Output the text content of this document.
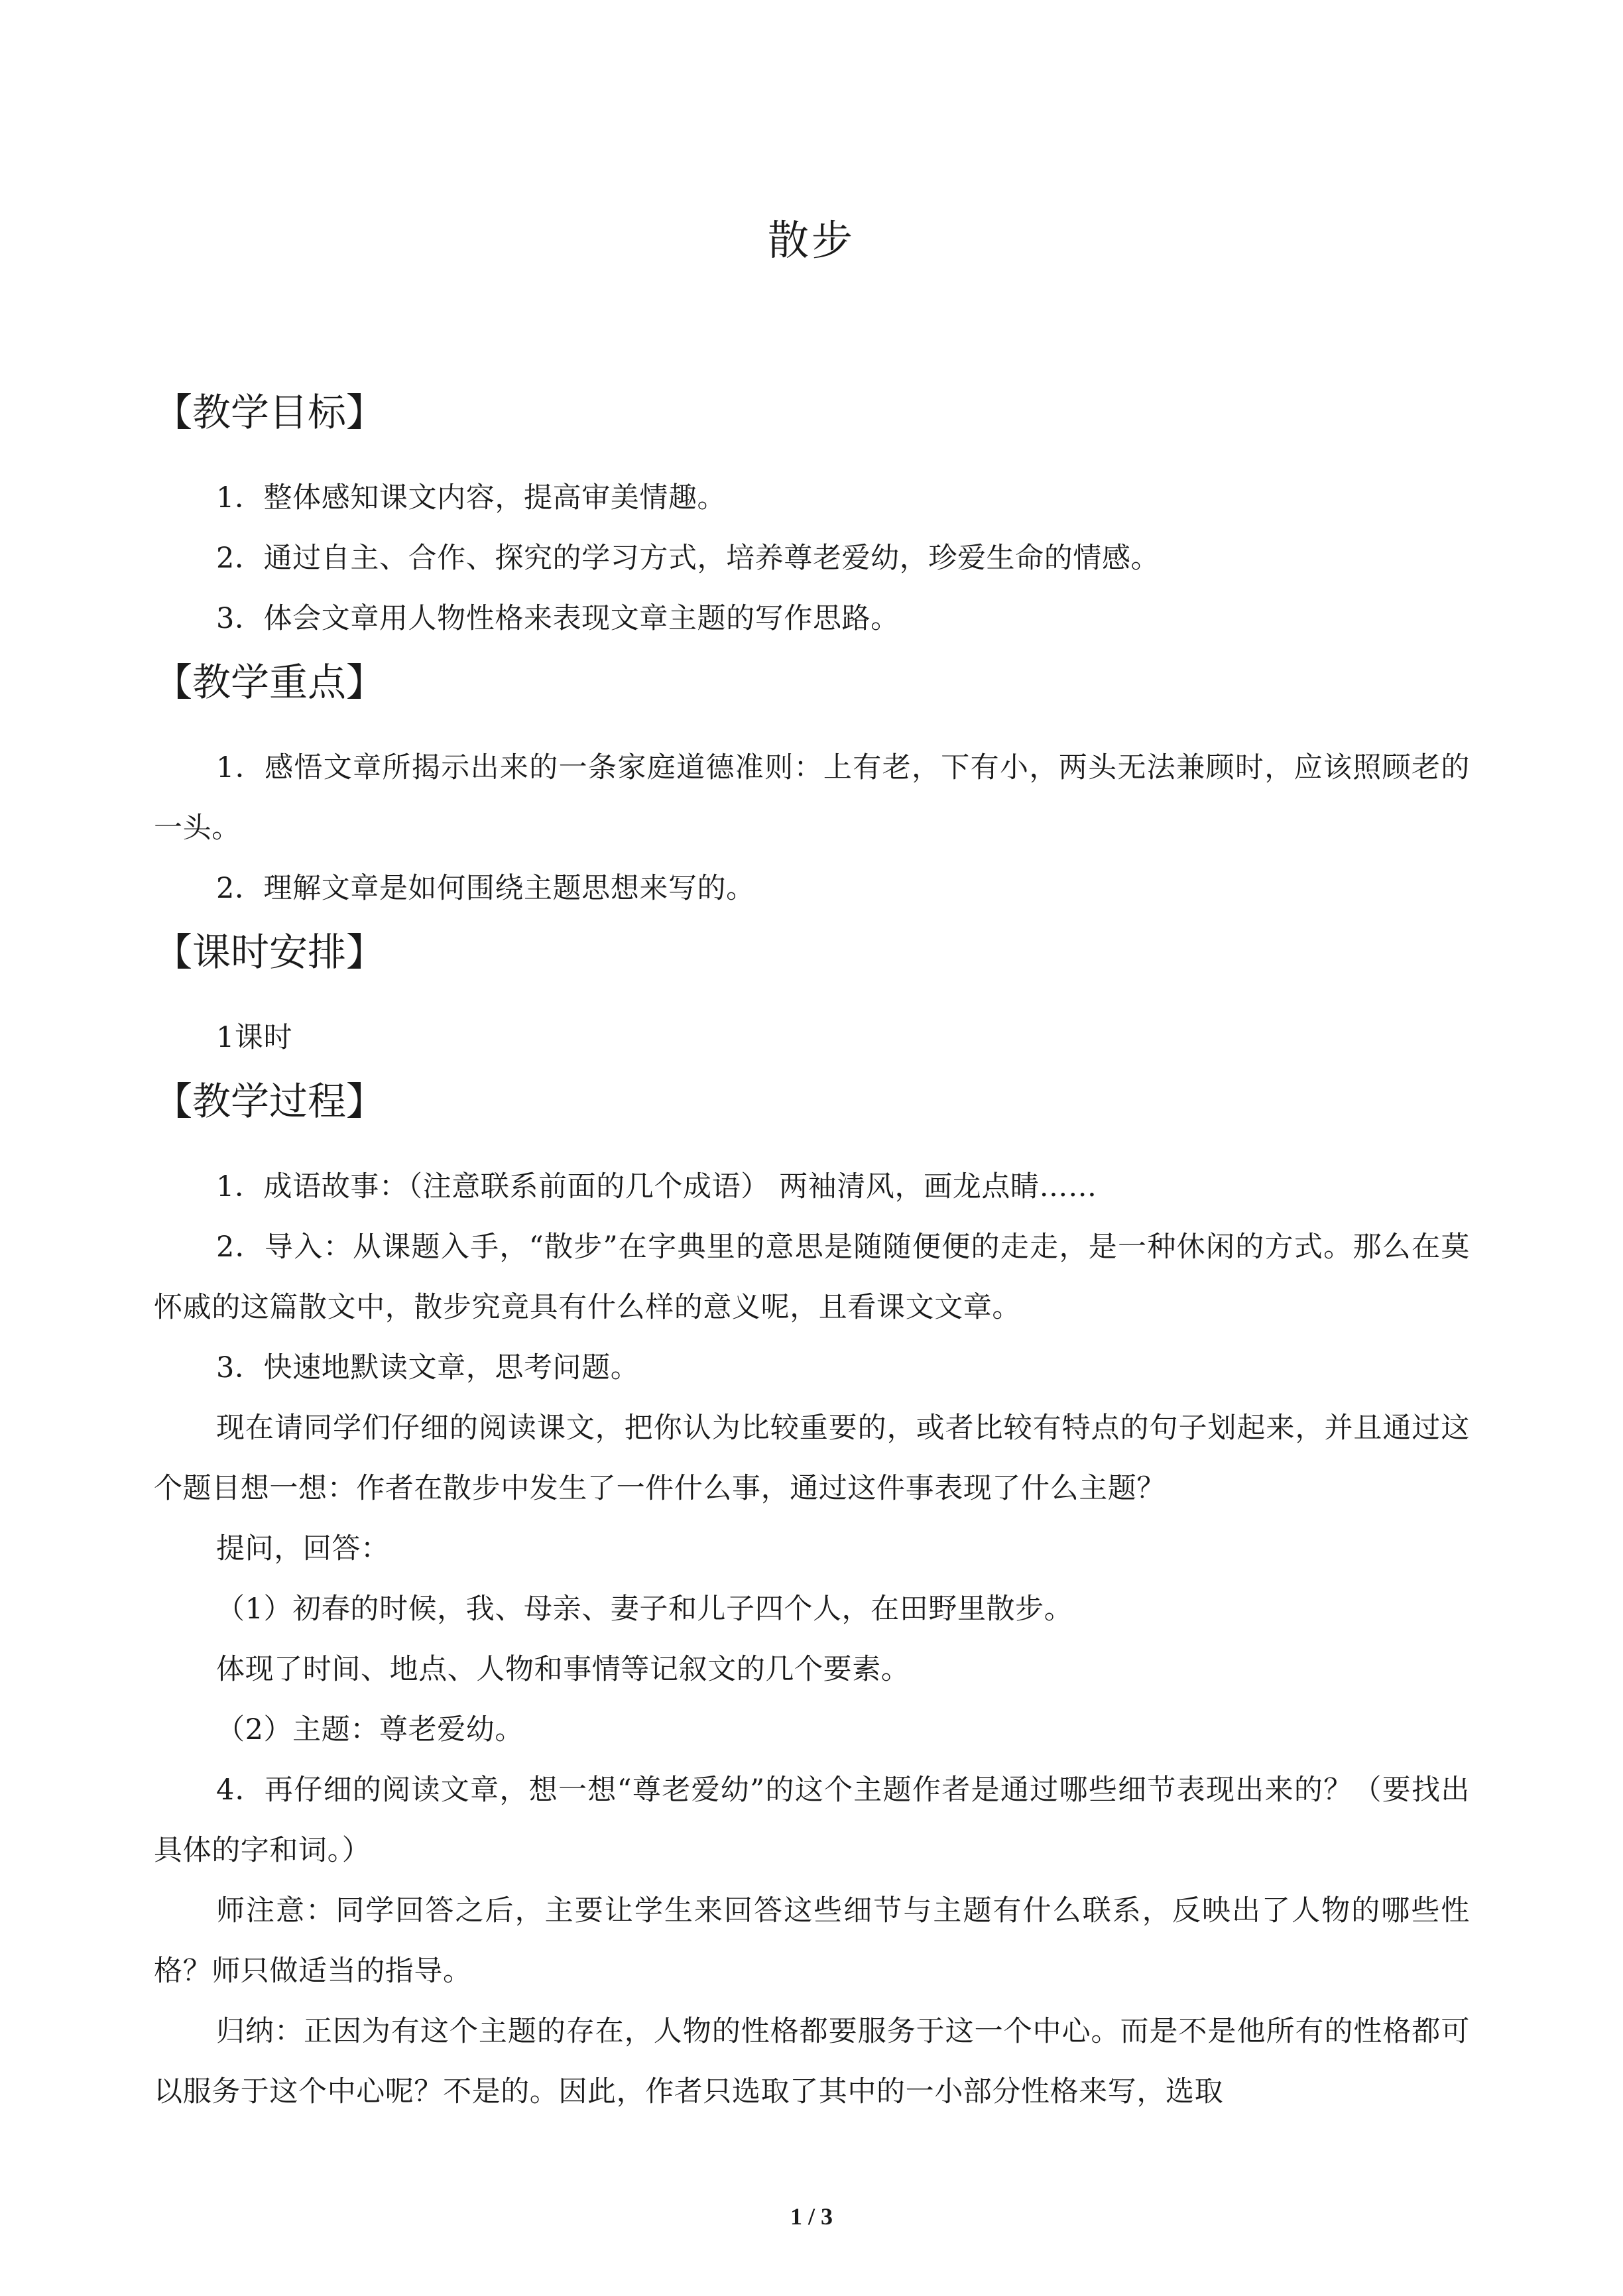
散步
【教学目标】

1．整体感知课文内容，提高审美情趣。

2．通过自主、合作、探究的学习方式，培养尊老爱幼，珍爱生命的情感。

3．体会文章用人物性格来表现文章主题的写作思路。

【教学重点】

1．感悟文章所揭示出来的一条家庭道德准则：上有老，下有小，两头无法兼顾时，应该照顾老的一头。

2．理解文章是如何围绕主题思想来写的。

【课时安排】

1课时

【教学过程】

1．成语故事：（注意联系前面的几个成语） 两袖清风，画龙点睛……

2．导入：从课题入手，“散步”在字典里的意思是随随便便的走走，是一种休闲的方式。那么在莫怀戚的这篇散文中，散步究竟具有什么样的意义呢，且看课文文章。

3．快速地默读文章，思考问题。

现在请同学们仔细的阅读课文，把你认为比较重要的，或者比较有特点的句子划起来，并且通过这个题目想一想：作者在散步中发生了一件什么事，通过这件事表现了什么主题？

提问，回答：

（1）初春的时候，我、母亲、妻子和儿子四个人，在田野里散步。

体现了时间、地点、人物和事情等记叙文的几个要素。

（2）主题：尊老爱幼。

4．再仔细的阅读文章，想一想“尊老爱幼”的这个主题作者是通过哪些细节表现出来的？（要找出具体的字和词。）

师注意：同学回答之后，主要让学生来回答这些细节与主题有什么联系，反映出了人物的哪些性格？师只做适当的指导。

归纳：正因为有这个主题的存在，人物的性格都要服务于这一个中心。而是不是他所有的性格都可以服务于这个中心呢？不是的。因此，作者只选取了其中的一小部分性格来写，选取

1 / 3
